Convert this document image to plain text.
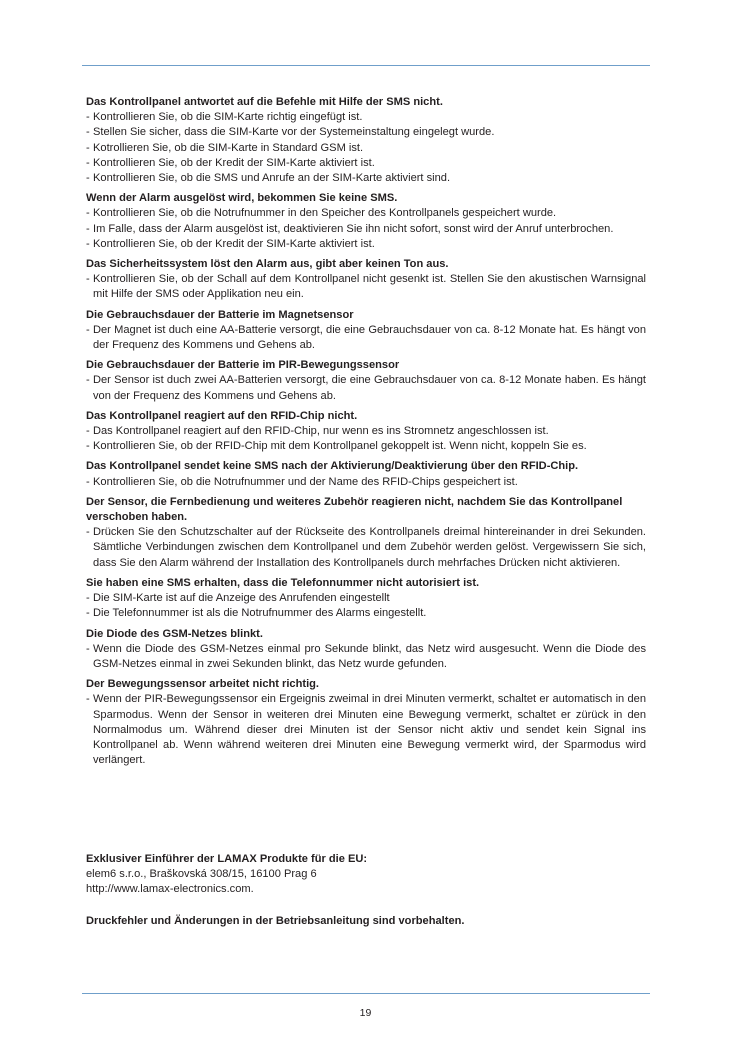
Das Kontrollpanel antwortet auf die Befehle mit Hilfe der SMS nicht.
- Kontrollieren Sie, ob die SIM-Karte richtig eingefügt ist.
- Stellen Sie sicher, dass die SIM-Karte vor der Systemeinstaltung eingelegt wurde.
- Kotrollieren Sie, ob die SIM-Karte in Standard GSM ist.
- Kontrollieren Sie, ob der Kredit der SIM-Karte aktiviert ist.
- Kontrollieren Sie, ob die SMS und Anrufe an der SIM-Karte aktiviert sind.
Wenn der Alarm ausgelöst wird, bekommen Sie keine SMS.
- Kontrollieren Sie, ob die Notrufnummer in den Speicher des Kontrollpanels gespeichert wurde.
- Im Falle, dass der Alarm ausgelöst ist, deaktivieren Sie ihn nicht sofort, sonst wird der Anruf unterbrochen.
- Kontrollieren Sie, ob der Kredit der SIM-Karte aktiviert ist.
Das Sicherheitssystem löst den Alarm aus, gibt aber keinen Ton aus.
- Kontrollieren Sie, ob der Schall auf dem Kontrollpanel nicht gesenkt ist. Stellen Sie den akustischen Warnsignal mit Hilfe der SMS oder Applikation neu ein.
Die Gebrauchsdauer der Batterie im Magnetsensor
- Der Magnet ist duch eine AA-Batterie versorgt, die eine Gebrauchsdauer von ca. 8-12 Monate hat. Es hängt von der Frequenz des Kommens und Gehens ab.
Die Gebrauchsdauer der Batterie im PIR-Bewegungssensor
- Der Sensor ist duch zwei AA-Batterien versorgt, die eine Gebrauchsdauer von ca. 8-12 Monate haben. Es hängt von der Frequenz des Kommens und Gehens ab.
Das Kontrollpanel reagiert auf den RFID-Chip nicht.
- Das Kontrollpanel reagiert auf den RFID-Chip, nur wenn es ins Stromnetz angeschlossen ist.
- Kontrollieren Sie, ob der RFID-Chip mit dem Kontrollpanel gekoppelt ist. Wenn nicht, koppeln Sie es.
Das Kontrollpanel sendet keine SMS nach der Aktivierung/Deaktivierung über den RFID-Chip.
- Kontrollieren Sie, ob die Notrufnummer und der Name des RFID-Chips gespeichert ist.
Der Sensor, die Fernbedienung und weiteres Zubehör reagieren nicht, nachdem Sie das Kontrollpanel verschoben haben.
- Drücken Sie den Schutzschalter auf der Rückseite des Kontrollpanels dreimal hintereinander in drei Sekunden. Sämtliche Verbindungen zwischen dem Kontrollpanel und dem Zubehör werden gelöst. Vergewissern Sie sich, dass Sie den Alarm während der Installation des Kontrollpanels durch mehrfaches Drücken nicht aktivieren.
Sie haben eine SMS erhalten, dass die Telefonnummer nicht autorisiert ist.
- Die SIM-Karte ist auf die Anzeige des Anrufenden eingestellt
- Die Telefonnummer ist als die Notrufnummer des Alarms eingestellt.
Die Diode des GSM-Netzes blinkt.
- Wenn die Diode des GSM-Netzes einmal pro Sekunde blinkt, das Netz wird ausgesucht. Wenn die Diode des GSM-Netzes einmal in zwei Sekunden blinkt, das Netz wurde gefunden.
Der Bewegungssensor arbeitet nicht richtig.
- Wenn der PIR-Bewegungssensor ein Ergeignis zweimal in drei Minuten vermerkt, schaltet er automatisch in den Sparmodus. Wenn der Sensor in weiteren drei Minuten eine Bewegung vermerkt, schaltet er zürück in den Normalmodus um. Während dieser drei Minuten ist der Sensor nicht aktiv und sendet kein Signal ins Kontrollpanel ab. Wenn während weiteren drei Minuten eine Bewegung vermerkt wird, der Sparmodus wird verlängert.
Exklusiver Einführer der LAMAX Produkte für die EU:
elem6 s.r.o., Braškovská 308/15, 16100 Prag 6
http://www.lamax-electronics.com.
Druckfehler und Änderungen in der Betriebsanleitung sind vorbehalten.
19
